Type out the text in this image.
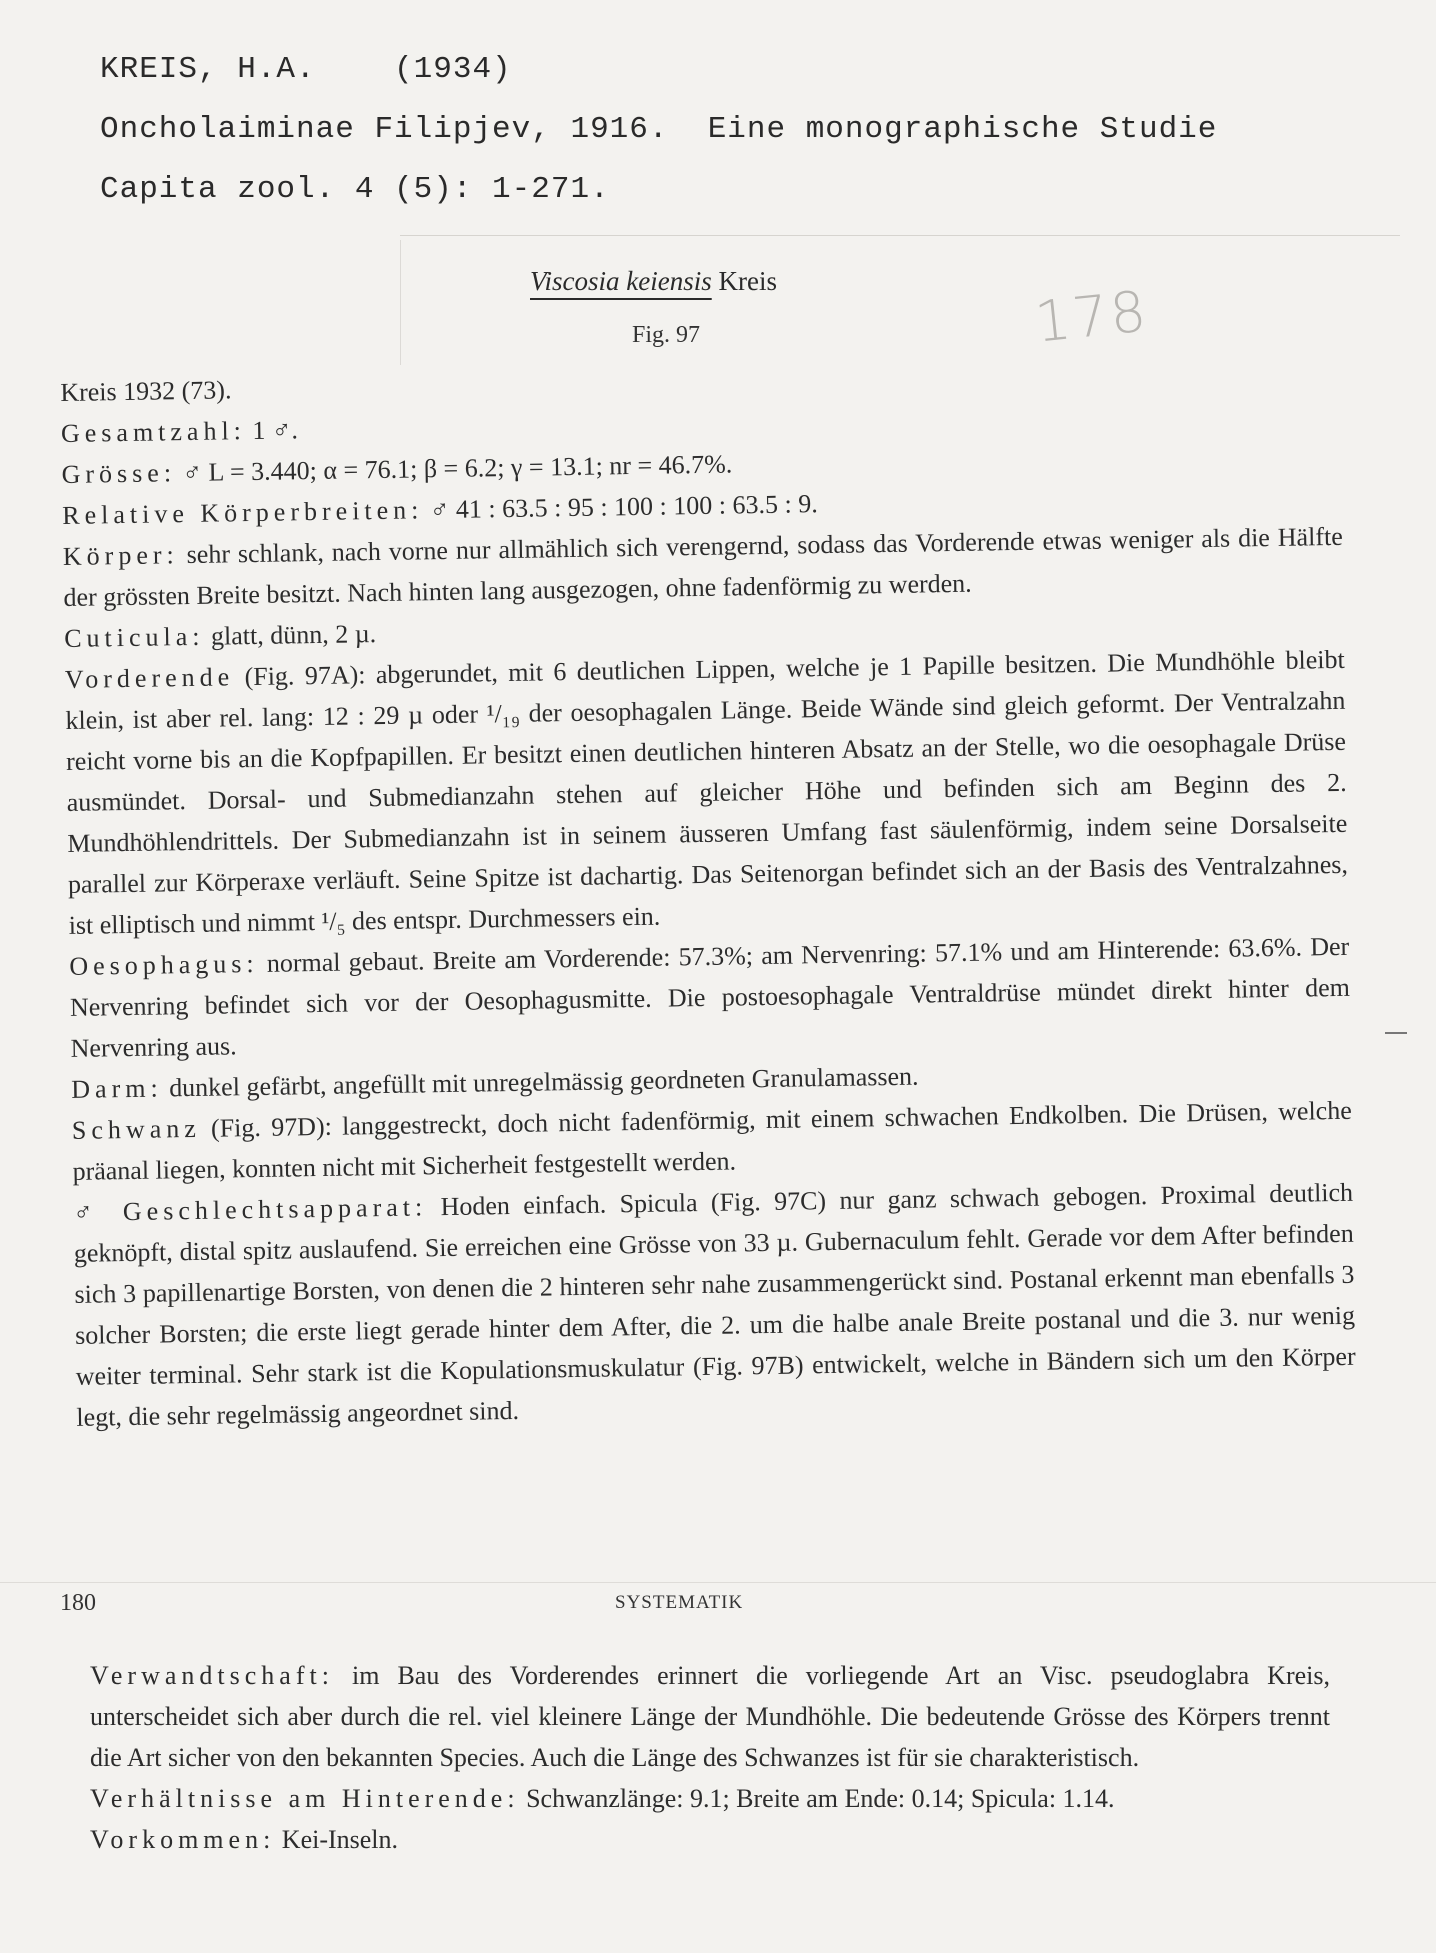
KREIS, H.A.    (1934)
Oncholaiminae Filipjev, 1916.  Eine monographische Studie
Capita zool. 4 (5): 1-271.
Viscosia keiensis Kreis
Fig. 97	178

Kreis 1932 (73).

Gesamtzahl: 1 ♂.

Grösse: ♂ L = 3.440; α = 76.1; β = 6.2; γ = 13.1; nr = 46.7%.

Relative Körperbreiten: ♂ 41 : 63.5 : 95 : 100 : 100 : 63.5 : 9.

Körper: sehr schlank, nach vorne nur allmählich sich verengernd, sodass das Vorderende etwas weniger als die Hälfte der grössten Breite besitzt. Nach hinten lang ausgezogen, ohne fadenförmig zu werden.

Cuticula: glatt, dünn, 2 µ.

Vorderende (Fig. 97A): abgerundet, mit 6 deutlichen Lippen, welche je 1 Papille besitzen. Die Mundhöhle bleibt klein, ist aber rel. lang: 12 : 29 µ oder ¹/₁₉ der oesophagalen Länge. Beide Wände sind gleich geformt. Der Ventralzahn reicht vorne bis an die Kopfpapillen. Er besitzt einen deutlichen hinteren Absatz an der Stelle, wo die oesophagale Drüse ausmündet. Dorsal- und Submedianzahn stehen auf gleicher Höhe und befinden sich am Beginn des 2. Mundhöhlendrittels. Der Submedianzahn ist in seinem äusseren Umfang fast säulenförmig, indem seine Dorsalseite parallel zur Körperaxe verläuft. Seine Spitze ist dachartig. Das Seitenorgan befindet sich an der Basis des Ventralzahnes, ist elliptisch und nimmt ¹/₅ des entspr. Durchmessers ein.

Oesophagus: normal gebaut. Breite am Vorderende: 57.3%; am Nervenring: 57.1% und am Hinterende: 63.6%. Der Nervenring befindet sich vor der Oesophagusmitte. Die postoesophagale Ventraldrüse mündet direkt hinter dem Nervenring aus.

Darm: dunkel gefärbt, angefüllt mit unregelmässig geordneten Granulamassen.

Schwanz (Fig. 97D): langgestreckt, doch nicht fadenförmig, mit einem schwachen Endkolben. Die Drüsen, welche präanal liegen, konnten nicht mit Sicherheit festgestellt werden.

♂ Geschlechtsapparat: Hoden einfach. Spicula (Fig. 97C) nur ganz schwach gebogen. Proximal deutlich geknöpft, distal spitz auslaufend. Sie erreichen eine Grösse von 33 µ. Gubernaculum fehlt. Gerade vor dem After befinden sich 3 papillenartige Borsten, von denen die 2 hinteren sehr nahe zusammengerückt sind. Postanal erkennt man ebenfalls 3 solcher Borsten; die erste liegt gerade hinter dem After, die 2. um die halbe anale Breite postanal und die 3. nur wenig weiter terminal. Sehr stark ist die Kopulationsmuskulatur (Fig. 97B) entwickelt, welche in Bändern sich um den Körper legt, die sehr regelmässig angeordnet sind.

180	SYSTEMATIK

Verwandtschaft: im Bau des Vorderendes erinnert die vorliegende Art an Visc. pseudoglabra Kreis, unterscheidet sich aber durch die rel. viel kleinere Länge der Mundhöhle. Die bedeutende Grösse des Körpers trennt die Art sicher von den bekannten Species. Auch die Länge des Schwanzes ist für sie charakteristisch.

Verhältnisse am Hinterende: Schwanzlänge: 9.1; Breite am Ende: 0.14; Spicula: 1.14.

Vorkommen: Kei-Inseln.
